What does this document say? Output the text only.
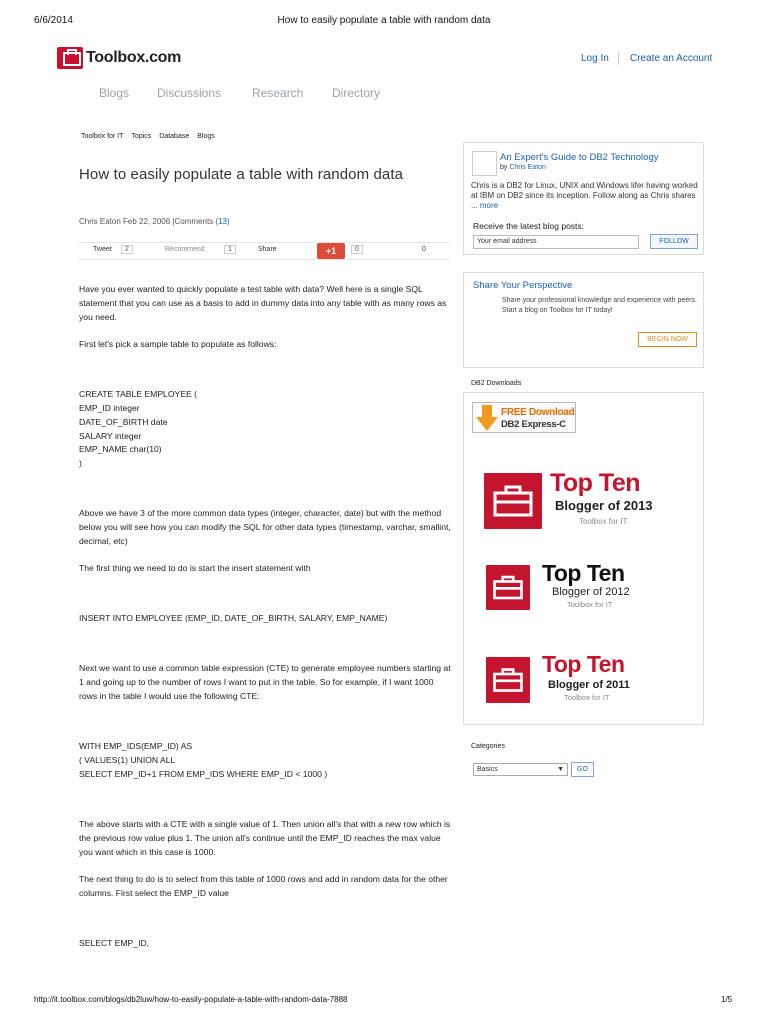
6/6/2014	How to easily populate a table with random data
Toolbox.com	Log In Create an Account
Blogs	Discussions	Research	Directory
Toolbox for IT Topics Database Blogs
How to easily populate a table with random data
Chris Eaton Feb 22, 2006 |Comments (13)
Tweet	2	Recommend	1	Share	+1	0	0

Have you ever wanted to quickly populate a test table with data? Well here is a single SQL statement that you can use as a basis to add in dummy data into any table with as many rows as you need.

First let's pick a sample table to populate as follows:

CREATE TABLE EMPLOYEE (

EMP_ID integer

DATE_OF_BIRTH date

SALARY integer

EMP_NAME char(10)

)

Above we have 3 of the more common data types (integer, character, date) but with the method below you will see how you can modify the SQL for other data types (timestamp, varchar, smallint, decimal, etc)

The first thing we need to do is start the insert statement with

INSERT INTO EMPLOYEE (EMP_ID, DATE_OF_BIRTH, SALARY, EMP_NAME)

Next we want to use a common table expression (CTE) to generate employee numbers starting at 1 and going up to the number of rows I want to put in the table. So for example, if I want 1000 rows in the table I would use the following CTE:

WITH EMP_IDS(EMP_ID) AS

( VALUES(1) UNION ALL

SELECT EMP_ID+1 FROM EMP_IDS WHERE EMP_ID < 1000 )

The above starts with a CTE with a single value of 1. Then union all's that with a new row which is the previous row value plus 1. The union all's continue until the EMP_ID reaches the max value you want which in this case is 1000.

The next thing to do is to select from this table of 1000 rows and add in random data for the other columns. First select the EMP_ID value

SELECT EMP_ID,

An Expert's Guide to DB2 Technology
by Chris Eaton
Chris is a DB2 for Linux, UNIX and Windows lifer having worked at IBM on DB2 since its inception. Follow along as Chris shares ... more
Receive the latest blog posts:
Your email address	FOLLOW
Share Your Perspective
Share your professional knowledge and experience with peers. Start a blog on Toolbox for IT today!
BEGIN NOW
DB2 Downloads
FREE Download
DB2 Express-C
Top Ten
Blogger of 2013
Toolbox for IT
Top Ten
Blogger of 2012
Toolbox for IT
Top Ten
Blogger of 2011
Toolbox for IT
Categories
Basics	▼	GO
http://it.toolbox.com/blogs/db2luw/how-to-easily-populate-a-table-with-random-data-7888	1/5
